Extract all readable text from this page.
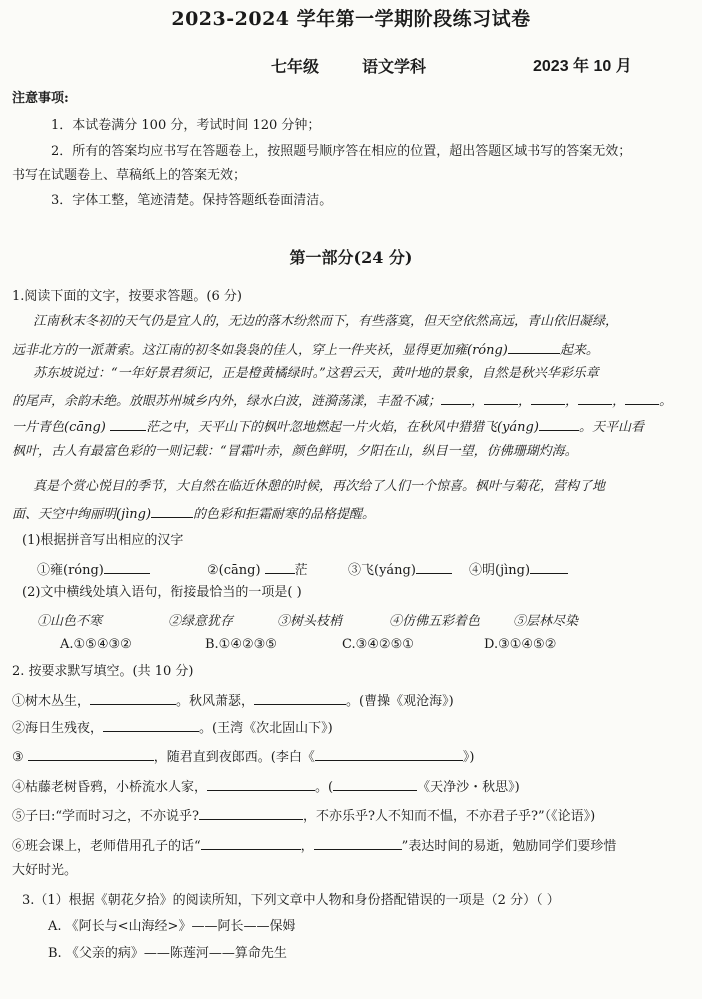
2023-2024 学年第一学期阶段练习试卷
七年级	语文学科	2023 年 10 月
注意事项:
1．本试卷满分 100 分，考试时间 120 分钟；
2．所有的答案均应书写在答题卷上，按照题号顺序答在相应的位置，超出答题区域书写的答案无效；
书写在试题卷上、草稿纸上的答案无效；
3．字体工整，笔迹清楚。保持答题纸卷面清洁。
第一部分(24 分)
1.阅读下面的文字，按要求答题。(6 分)
江南秋末冬初的天气仍是宜人的，无边的落木纷然而下，有些落寞，但天空依然高远，青山依旧凝绿，
远非北方的一派萧索。这江南的初冬如袅袅的佳人，穿上一件夹袄，显得更加雍(róng)	起来。
苏东坡说过：“一年好景君须记，正是橙黄橘绿时。”这碧云天，黄叶地的景象，自然是秋兴华彩乐章
的尾声，余韵未绝。放眼苏州城乡内外，绿水白波，涟漪荡漾，丰盈不减； ，	，	，	，	。
一片青色(cāng)	茫之中，天平山下的枫叶忽地燃起一片火焰，在秋风中猎猎飞(yáng)	。天平山看
枫叶，古人有最富色彩的一则记载：“冒霜叶赤，颜色鲜明，夕阳在山，纵目一望，仿佛珊瑚灼海。
真是个赏心悦目的季节，大自然在临近休憩的时候，再次给了人们一个惊喜。枫叶与菊花，营构了地
面、天空中绚丽明(jìng)	的色彩和拒霜耐寒的品格提醒。
(1)根据拼音写出相应的汉字
①雍(róng)	②(cāng)	茫	③飞(yáng)	④明(jìng)
(2)文中横线处填入语句，衔接最恰当的一项是( )
①山色不寒	②绿意犹存	③树头枝梢	④仿佛五彩着色	⑤层林尽染
A.①⑤④③②	B.①④②③⑤	C.③④②⑤①	D.③①④⑤②
2. 按要求默写填空。(共 10 分)
①树木丛生，	。秋风萧瑟，	。(曹操《观沧海》)
②海日生残夜，	。(王湾《次北固山下》)
③	，随君直到夜郎西。(李白《	》)
④枯藤老树昏鸦，小桥流水人家，	。(	《天净沙・秋思》)
⑤子曰:“学而时习之，不亦说乎?	，不亦乐乎?人不知而不愠，不亦君子乎?”（《论语》)
⑥班会课上，老师借用孔子的话“	，	”表达时间的易逝，勉励同学们要珍惜
大好时光。
3.（1）根据《朝花夕拾》的阅读所知，下列文章中人物和身份搭配错误的一项是（2 分）（ ）
A. 《阿长与<山海经>》——阿长——保姆
B. 《父亲的病》——陈莲河——算命先生
